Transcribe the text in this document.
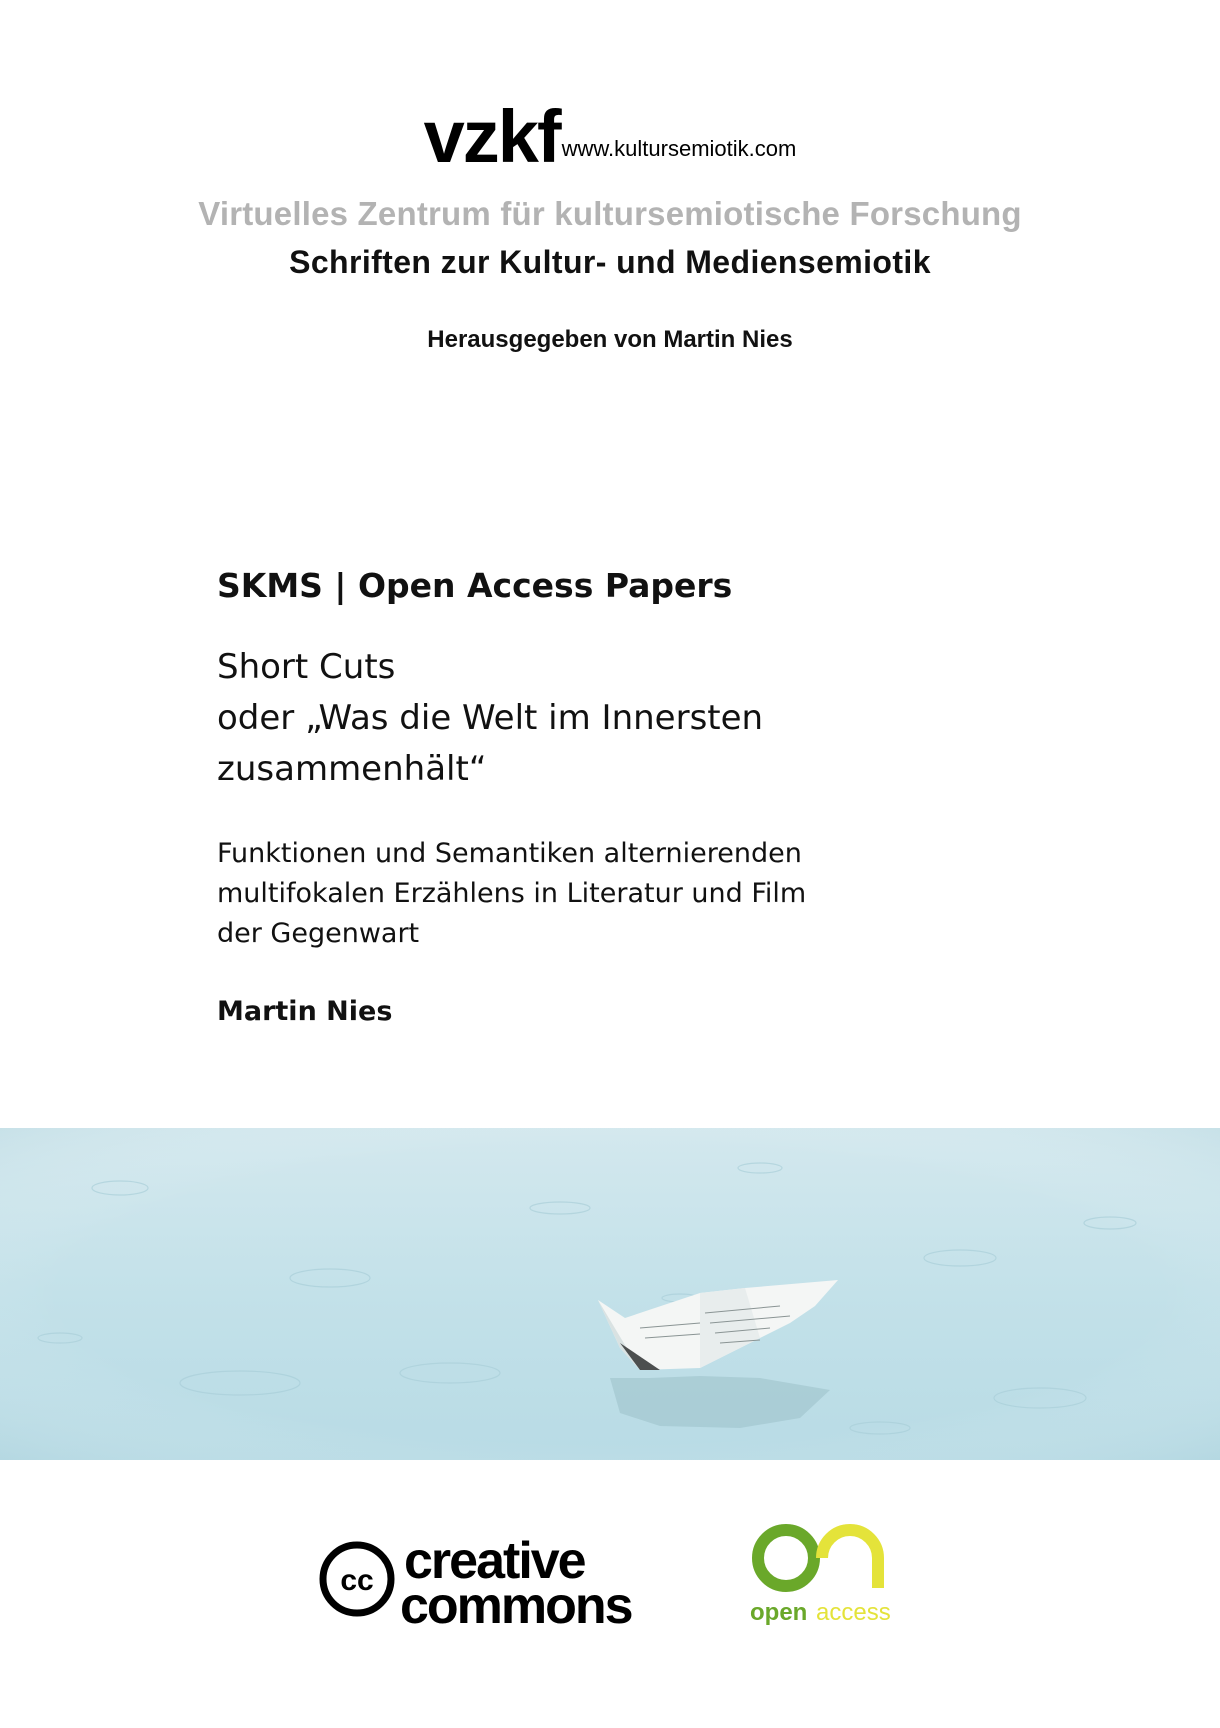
vzkfwww.kultursemiotik.com
Virtuelles Zentrum für kultursemiotische Forschung
Schriften zur Kultur- und Mediensemiotik
Herausgegeben von Martin Nies
SKMS | Open Access Papers
Short Cuts
oder „Was die Welt im Innersten
zusammenhält“
Funktionen und Semantiken alternierenden
multifokalen Erzählens in Literatur und Film
der Gegenwart
Martin Nies
cc creative
commons	open access
